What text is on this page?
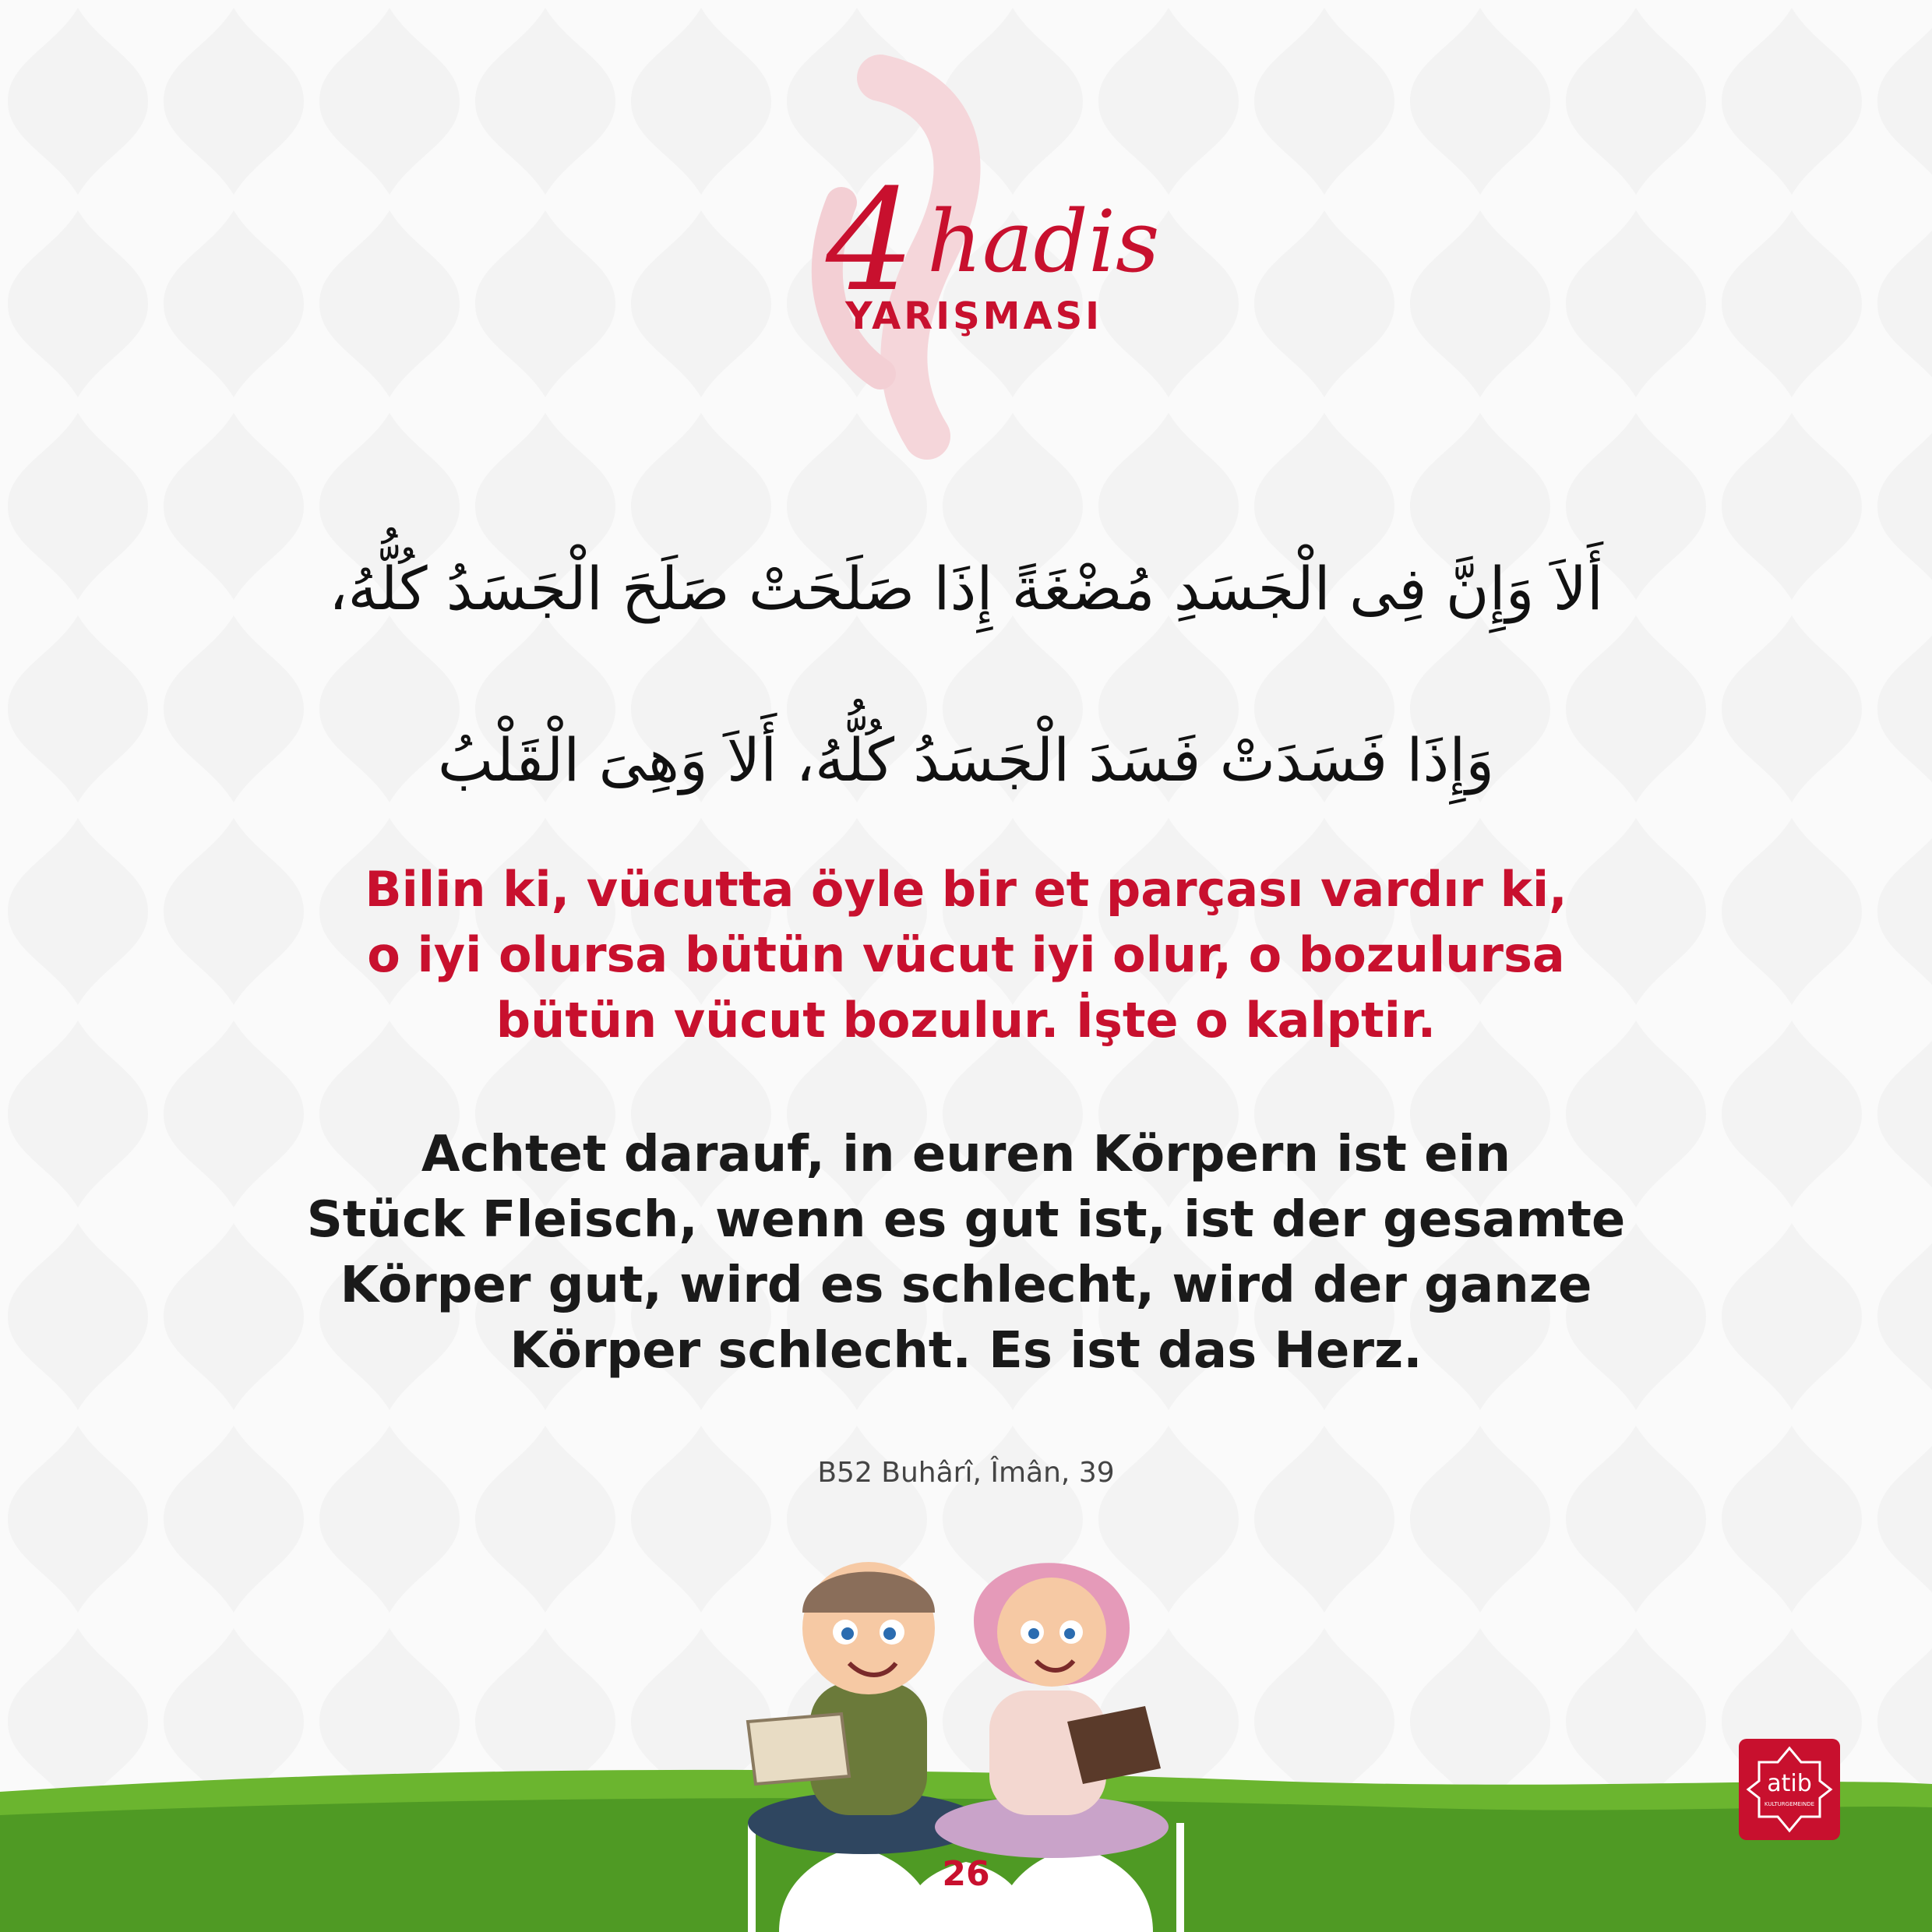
4 hadis
YARIŞMASI
أَلاَ وَإِنَّ فِى الْجَسَدِ مُضْغَةً إِذَا صَلَحَتْ صَلَحَ الْجَسَدُ كُلُّهُ،
وَإِذَا فَسَدَتْ فَسَدَ الْجَسَدُ كُلُّهُ، أَلاَ وَهِىَ الْقَلْبُ
Bilin ki, vücutta öyle bir et parçası vardır ki,
o iyi olursa bütün vücut iyi olur, o bozulursa
bütün vücut bozulur. İşte o kalptir.
Achtet darauf, in euren Körpern ist ein
Stück Fleisch, wenn es gut ist, ist der gesamte
Körper gut, wird es schlecht, wird der ganze
Körper schlecht. Es ist das Herz.
B52 Buhârî, Îmân, 39
26
atib
KULTURGEMEINDE
